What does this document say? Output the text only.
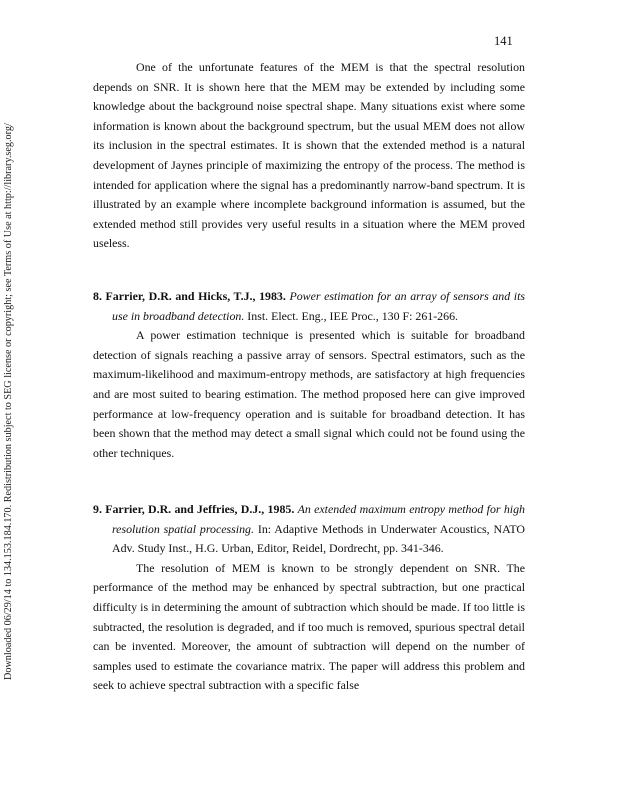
141
Downloaded 06/29/14 to 134.153.184.170. Redistribution subject to SEG license or copyright; see Terms of Use at http://library.seg.org/

One of the unfortunate features of the MEM is that the spectral resolution depends on SNR. It is shown here that the MEM may be extended by including some knowledge about the background noise spectral shape. Many situations exist where some information is known about the background spectrum, but the usual MEM does not allow its inclusion in the spectral estimates. It is shown that the extended method is a natural development of Jaynes principle of maximizing the entropy of the process. The method is intended for application where the signal has a predominantly narrow-band spectrum. It is illustrated by an example where incomplete background information is assumed, but the extended method still provides very useful results in a situation where the MEM proved useless.

8. Farrier, D.R. and Hicks, T.J., 1983. Power estimation for an array of sensors and its use in broadband detection. Inst. Elect. Eng., IEE Proc., 130 F: 261-266.

A power estimation technique is presented which is suitable for broadband detection of signals reaching a passive array of sensors. Spectral estimators, such as the maximum-likelihood and maximum-entropy methods, are satisfactory at high frequencies and are most suited to bearing estimation. The method proposed here can give improved performance at low-frequency operation and is suitable for broadband detection. It has been shown that the method may detect a small signal which could not be found using the other techniques.

9. Farrier, D.R. and Jeffries, D.J., 1985. An extended maximum entropy method for high resolution spatial processing. In: Adaptive Methods in Underwater Acoustics, NATO Adv. Study Inst., H.G. Urban, Editor, Reidel, Dordrecht, pp. 341-346.

The resolution of MEM is known to be strongly dependent on SNR. The performance of the method may be enhanced by spectral subtraction, but one practical difficulty is in determining the amount of subtraction which should be made. If too little is subtracted, the resolution is degraded, and if too much is removed, spurious spectral detail can be invented. Moreover, the amount of subtraction will depend on the number of samples used to estimate the covariance matrix. The paper will address this problem and seek to achieve spectral subtraction with a specific false
